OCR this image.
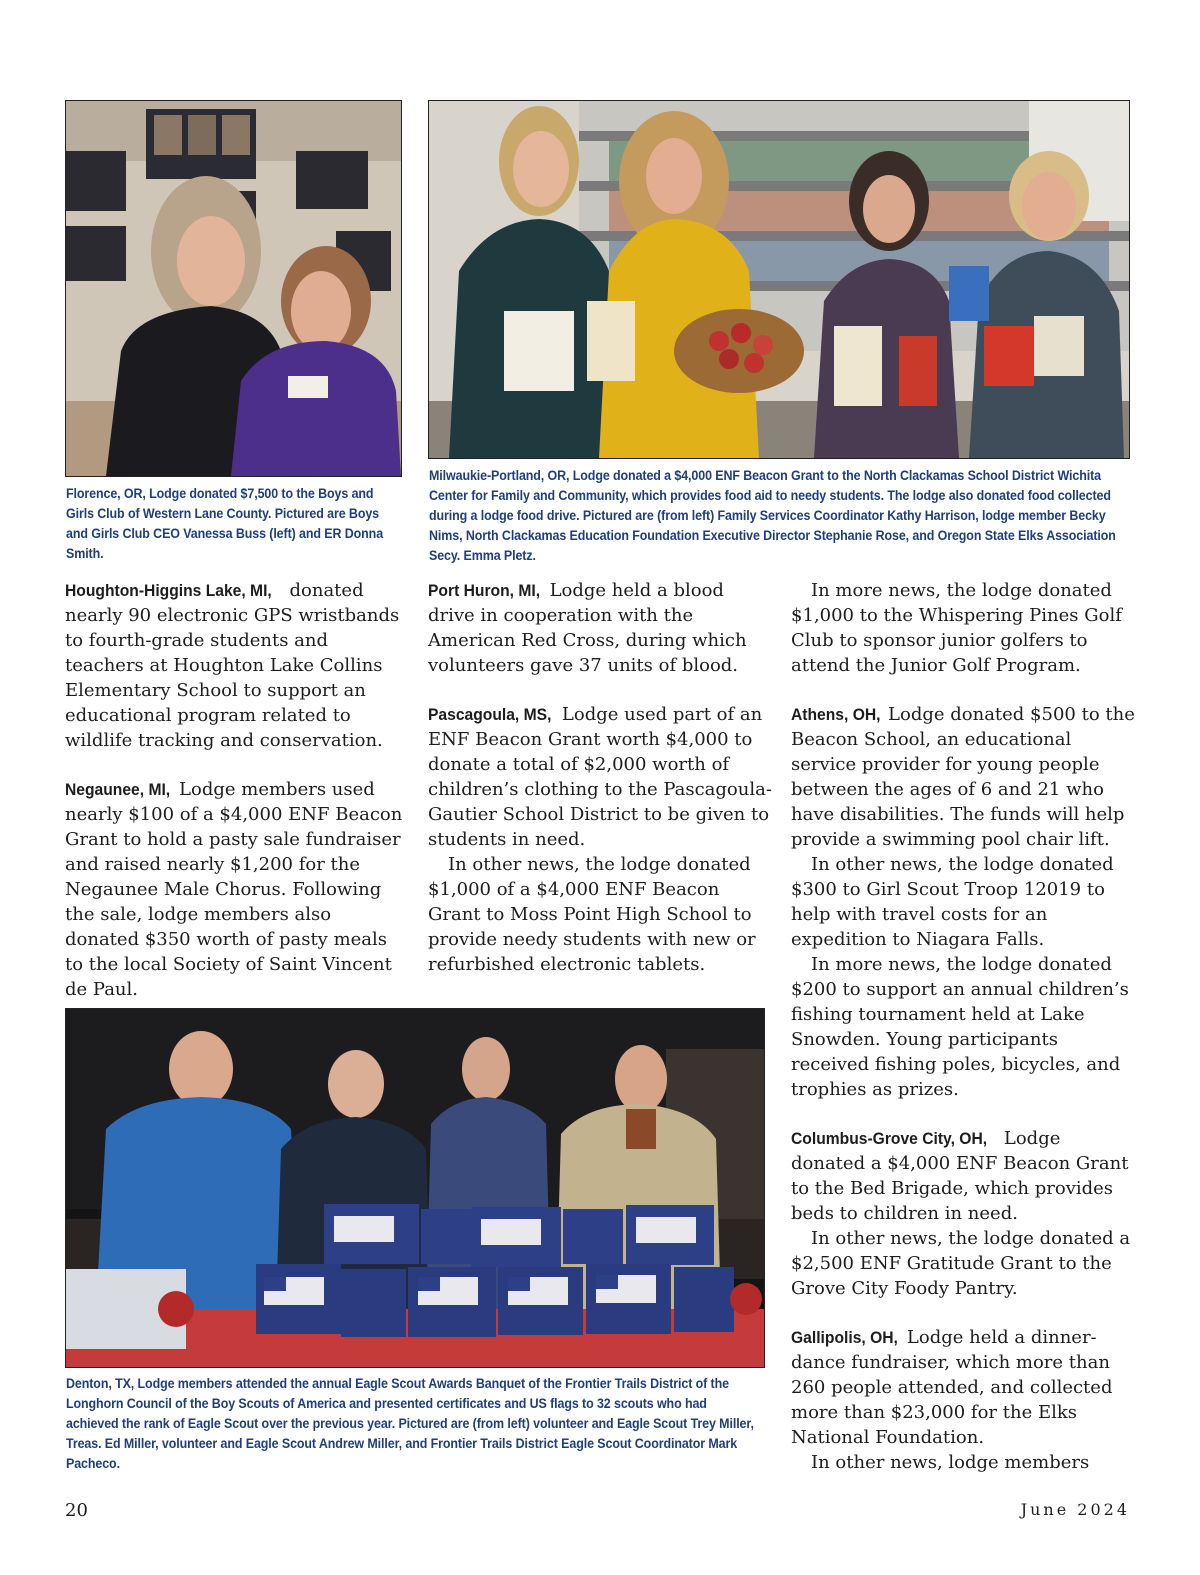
Florence, OR, Lodge donated $7,500 to the Boys and Girls Club of Western Lane County. Pictured are Boys and Girls Club CEO Vanessa Buss (left) and ER Donna Smith.

Milwaukie-Portland, OR, Lodge donated a $4,000 ENF Beacon Grant to the North Clackamas School District Wichita Center for Family and Community, which provides food aid to needy students. The lodge also donated food collected during a lodge food drive. Pictured are (from left) Family Services Coordinator Kathy Harrison, lodge member Becky Nims, North Clackamas Education Foundation Executive Director Stephanie Rose, and Oregon State Elks Association Secy. Emma Pletz.

Houghton-Higgins Lake, MI, donated nearly 90 electronic GPS wristbands to fourth-grade students and teachers at Houghton Lake Collins Elementary School to support an educational program related to wildlife tracking and conservation.

Negaunee, MI, Lodge members used nearly $100 of a $4,000 ENF Beacon Grant to hold a pasty sale fundraiser and raised nearly $1,200 for the Negaunee Male Chorus. Following the sale, lodge members also donated $350 worth of pasty meals to the local Society of Saint Vincent de Paul.

Port Huron, MI, Lodge held a blood drive in cooperation with the American Red Cross, during which volunteers gave 37 units of blood.

Pascagoula, MS, Lodge used part of an ENF Beacon Grant worth $4,000 to donate a total of $2,000 worth of children’s clothing to the Pascagoula-Gautier School District to be given to students in need.

In other news, the lodge donated $1,000 of a $4,000 ENF Beacon Grant to Moss Point High School to provide needy students with new or refurbished electronic tablets.

In more news, the lodge donated $1,000 to the Whispering Pines Golf Club to sponsor junior golfers to attend the Junior Golf Program.

Athens, OH, Lodge donated $500 to the Beacon School, an educational service provider for young people between the ages of 6 and 21 who have disabilities. The funds will help provide a swimming pool chair lift.

In other news, the lodge donated $300 to Girl Scout Troop 12019 to help with travel costs for an expedition to Niagara Falls.

In more news, the lodge donated $200 to support an annual children’s fishing tournament held at Lake Snowden. Young participants received fishing poles, bicycles, and trophies as prizes.

Columbus-Grove City, OH, Lodge donated a $4,000 ENF Beacon Grant to the Bed Brigade, which provides beds to children in need.

In other news, the lodge donated a $2,500 ENF Gratitude Grant to the Grove City Foody Pantry.

Gallipolis, OH, Lodge held a dinner-dance fundraiser, which more than 260 people attended, and collected more than $23,000 for the Elks National Foundation.

In other news, lodge members

Denton, TX, Lodge members attended the annual Eagle Scout Awards Banquet of the Frontier Trails District of the Longhorn Council of the Boy Scouts of America and presented certificates and US flags to 32 scouts who had achieved the rank of Eagle Scout over the previous year. Pictured are (from left) volunteer and Eagle Scout Trey Miller, Treas. Ed Miller, volunteer and Eagle Scout Andrew Miller, and Frontier Trails District Eagle Scout Coordinator Mark Pacheco.

20	June 2024
